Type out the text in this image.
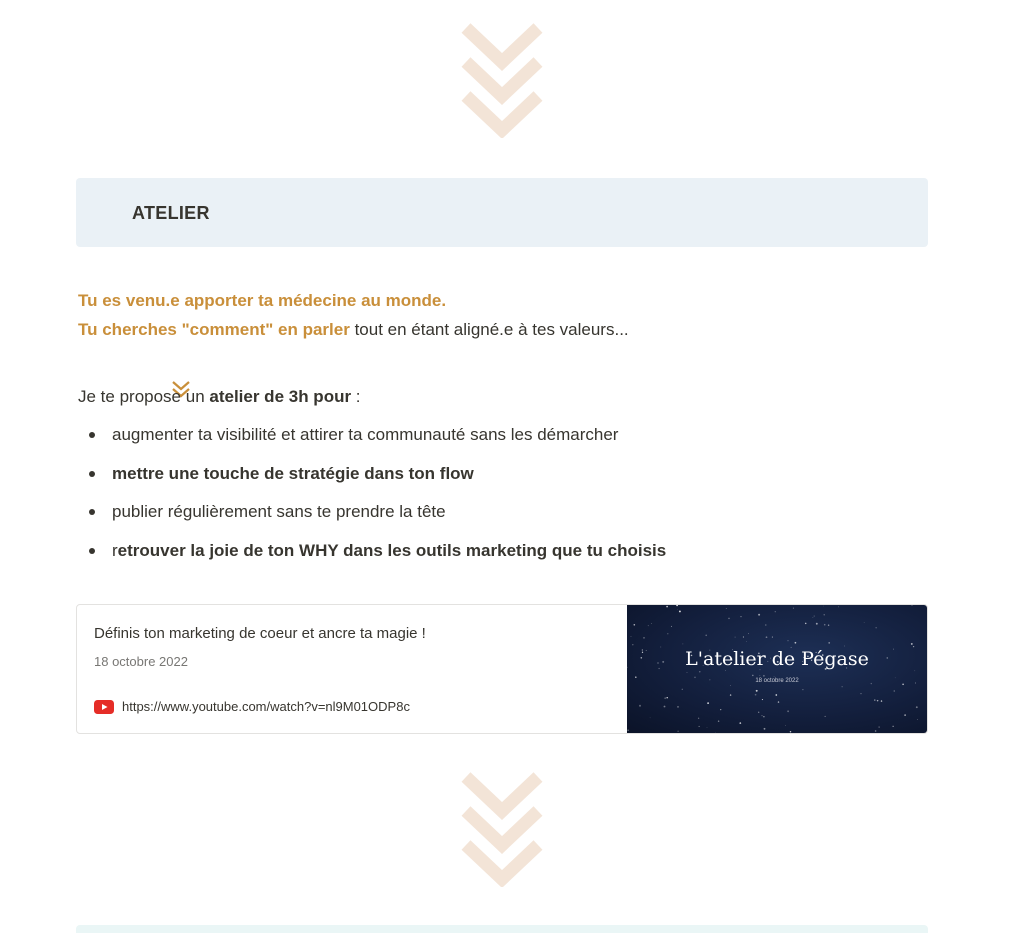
ATELIER
Tu es venu.e apporter ta médecine au monde.
Tu cherches "comment" en parler tout en étant aligné.e à tes valeurs...
Je te propose un atelier de 3h pour :
augmenter ta visibilité et attirer ta communauté sans les démarcher
mettre une touche de stratégie dans ton flow
publier régulièrement sans te prendre la tête
retrouver la joie de ton WHY dans les outils marketing que tu choisis
Définis ton marketing de coeur et ancre ta magie !
18 octobre 2022
https://www.youtube.com/watch?v=nl9M01ODP8c
L'atelier de Pégase
18 octobre 2022
